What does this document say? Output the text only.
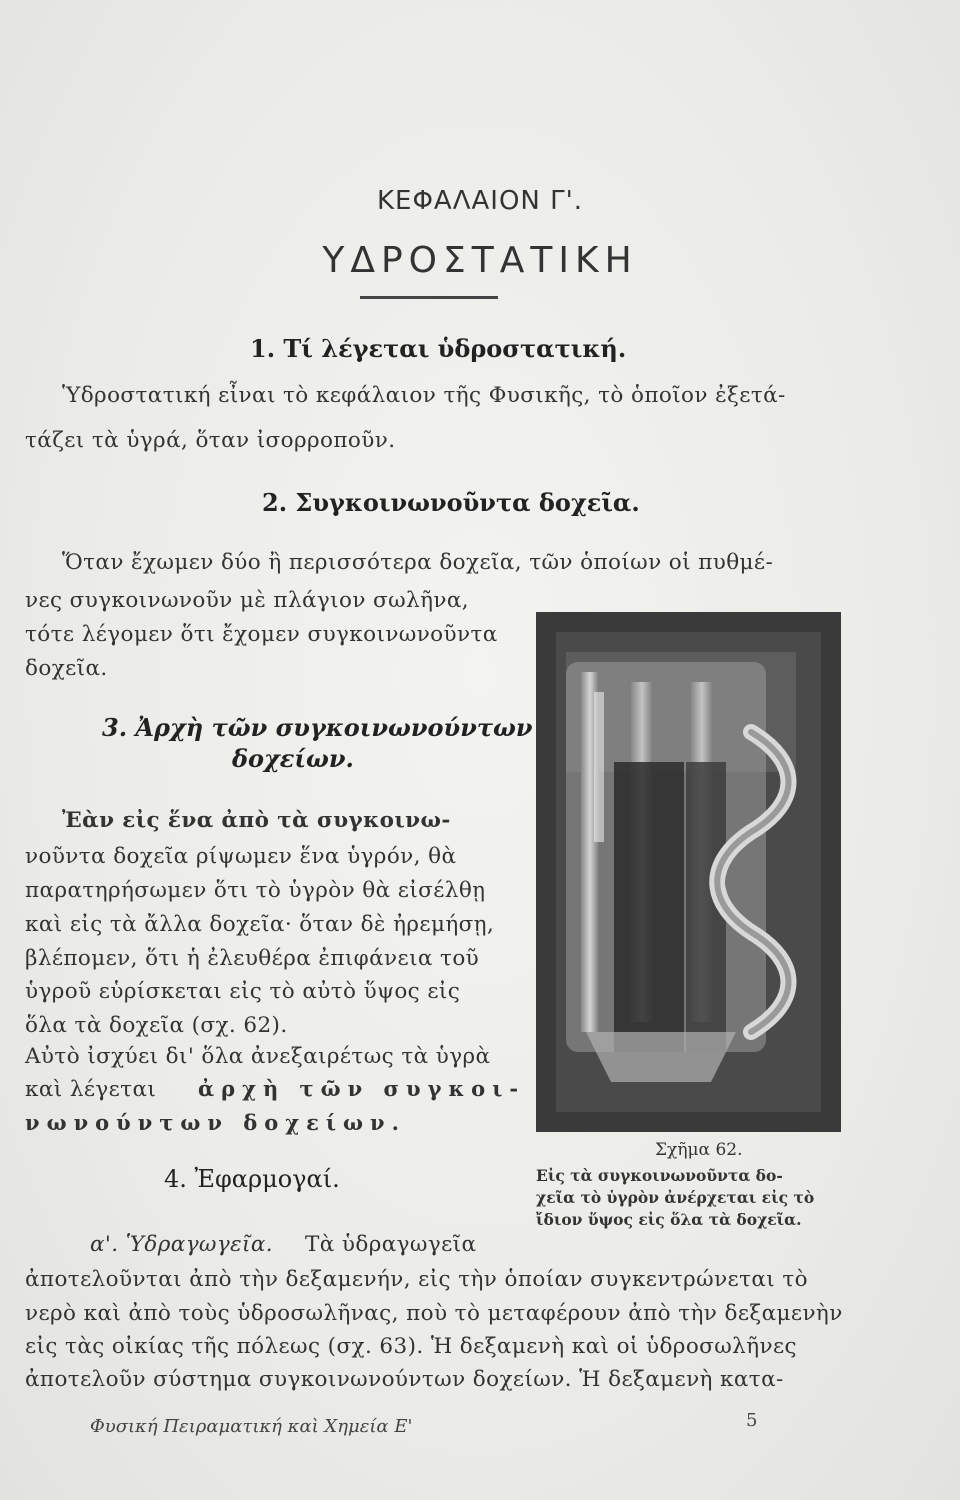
ΚΕΦΑΛΑΙΟΝ Γ'.
ΥΔΡΟΣΤΑΤΙΚΗ
1. Τί λέγεται ὑδροστατική.
Ὑδροστατική εἶναι τὸ κεφάλαιον τῆς Φυσικῆς, τὸ ὁποῖον ἐξετά-
τάζει τὰ ὑγρά, ὅταν ἰσορροποῦν.
2. Συγκοινωνοῦντα δοχεῖα.
Ὅταν ἔχωμεν δύο ἢ περισσότερα δοχεῖα, τῶν ὁποίων οἱ πυθμέ-
νες συγκοινωνοῦν μὲ πλάγιον σωλῆνα,
τότε λέγομεν ὅτι ἔχομεν συγκοινωνοῦντα
δοχεῖα.
3. Ἀρχὴ τῶν συγκοινωνούντων
δοχείων.
Ἐὰν εἰς ἕνα ἀπὸ τὰ συγκοινω-
νοῦντα δοχεῖα ρίψωμεν ἕνα ὑγρόν, θὰ
παρατηρήσωμεν ὅτι τὸ ὑγρὸν θὰ εἰσέλθῃ
καὶ εἰς τὰ ἄλλα δοχεῖα· ὅταν δὲ ἠρεμήσῃ,
βλέπομεν, ὅτι ἡ ἐλευθέρα ἐπιφάνεια τοῦ
ὑγροῦ εὑρίσκεται εἰς τὸ αὐτὸ ὕψος εἰς
ὅλα τὰ δοχεῖα (σχ. 62).
Αὐτὸ ἰσχύει δι' ὅλα ἀνεξαιρέτως τὰ ὑγρὰ
καὶ λέγεται ἀρχὴ τῶν συγκοι-
νωνούντων δοχείων.
Σχῆμα 62.
Εἰς τὰ συγκοινωνοῦντα δο-
χεῖα τὸ ὑγρὸν ἀνέρχεται εἰς τὸ
ἴδιον ὕψος εἰς ὅλα τὰ δοχεῖα.
4. Ἐφαρμογαί.
α'. Ὑδραγωγεῖα. Τὰ ὑδραγωγεῖα
ἀποτελοῦνται ἀπὸ τὴν δεξαμενήν, εἰς τὴν ὁποίαν συγκεντρώνεται τὸ
νερὸ καὶ ἀπὸ τοὺς ὑδροσωλῆνας, ποὺ τὸ μεταφέρουν ἀπὸ τὴν δεξαμενὴν
εἰς τὰς οἰκίας τῆς πόλεως (σχ. 63). Ἡ δεξαμενὴ καὶ οἱ ὑδροσωλῆνες
ἀποτελοῦν σύστημα συγκοινωνούντων δοχείων. Ἡ δεξαμενὴ κατα-
Φυσική Πειραματική καὶ Χημεία Ε'	5
